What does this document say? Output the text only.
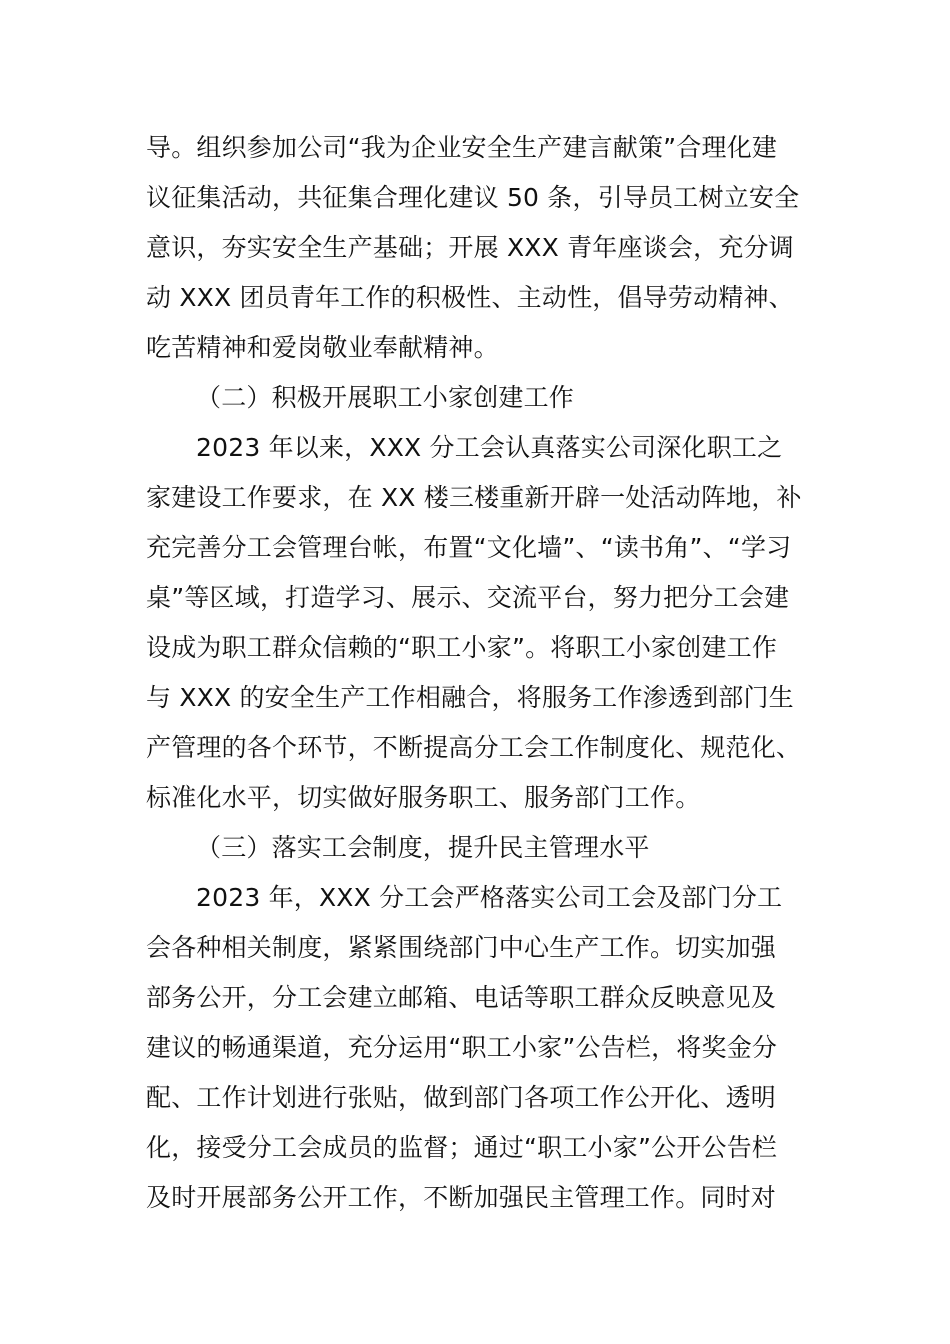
导。组织参加公司“我为企业安全生产建言献策”合理化建
议征集活动，共征集合理化建议 50 条，引导员工树立安全
意识，夯实安全生产基础；开展 XXX 青年座谈会，充分调
动 XXX 团员青年工作的积极性、主动性，倡导劳动精神、
吃苦精神和爱岗敬业奉献精神。
（二）积极开展职工小家创建工作
2023 年以来，XXX 分工会认真落实公司深化职工之
家建设工作要求，在 XX 楼三楼重新开辟一处活动阵地，补
充完善分工会管理台帐，布置“文化墙”、“读书角”、“学习
桌”等区域，打造学习、展示、交流平台，努力把分工会建
设成为职工群众信赖的“职工小家”。将职工小家创建工作
与 XXX 的安全生产工作相融合，将服务工作渗透到部门生
产管理的各个环节，不断提高分工会工作制度化、规范化、
标准化水平，切实做好服务职工、服务部门工作。
（三）落实工会制度，提升民主管理水平
2023 年，XXX 分工会严格落实公司工会及部门分工
会各种相关制度，紧紧围绕部门中心生产工作。切实加强
部务公开，分工会建立邮箱、电话等职工群众反映意见及
建议的畅通渠道，充分运用“职工小家”公告栏，将奖金分
配、工作计划进行张贴，做到部门各项工作公开化、透明
化，接受分工会成员的监督；通过“职工小家”公开公告栏
及时开展部务公开工作，不断加强民主管理工作。同时对
